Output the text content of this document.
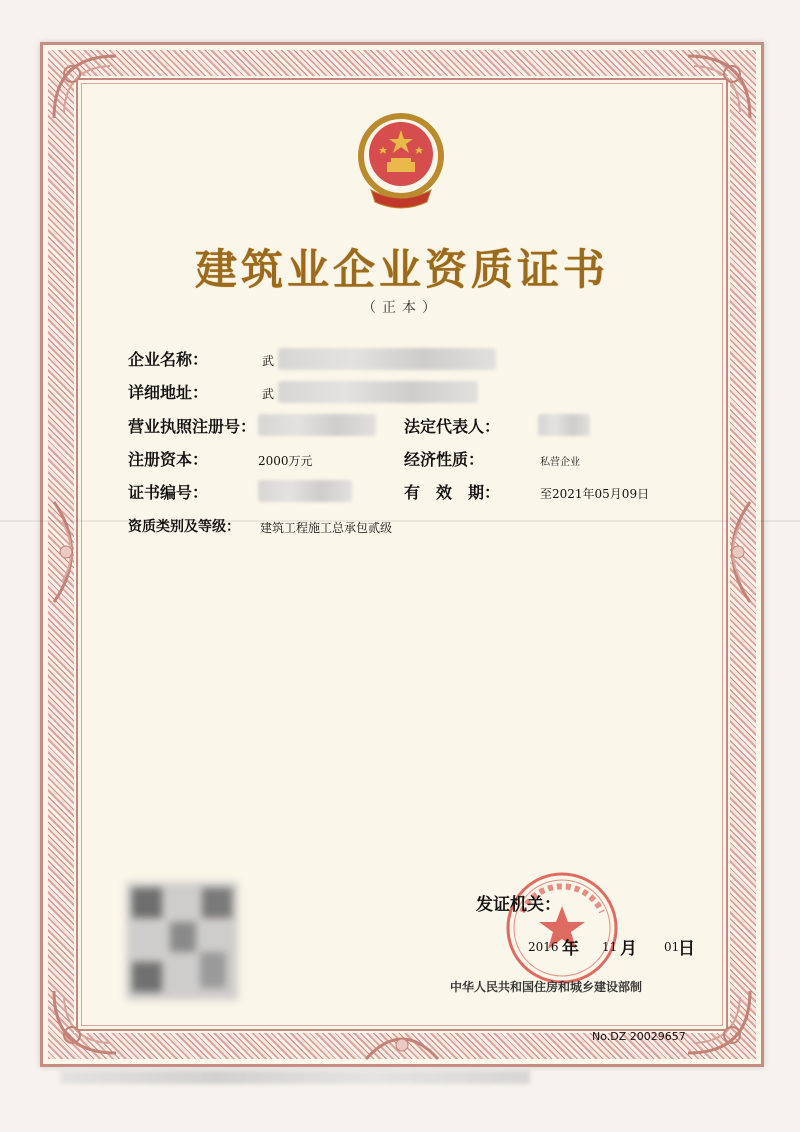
建筑业企业资质证书
（正本）
企业名称：	武
详细地址：	武
营业执照注册号：	法定代表人：
注册资本：	2000万元	经济性质：	私营企业
证书编号：	有　效　期：	至2021年05月09日
资质类别及等级： 建筑工程施工总承包贰级
发证机关：
2016 年 11 月 01
日
中华人民共和国住房和城乡建设部制
No.DZ 20029657
